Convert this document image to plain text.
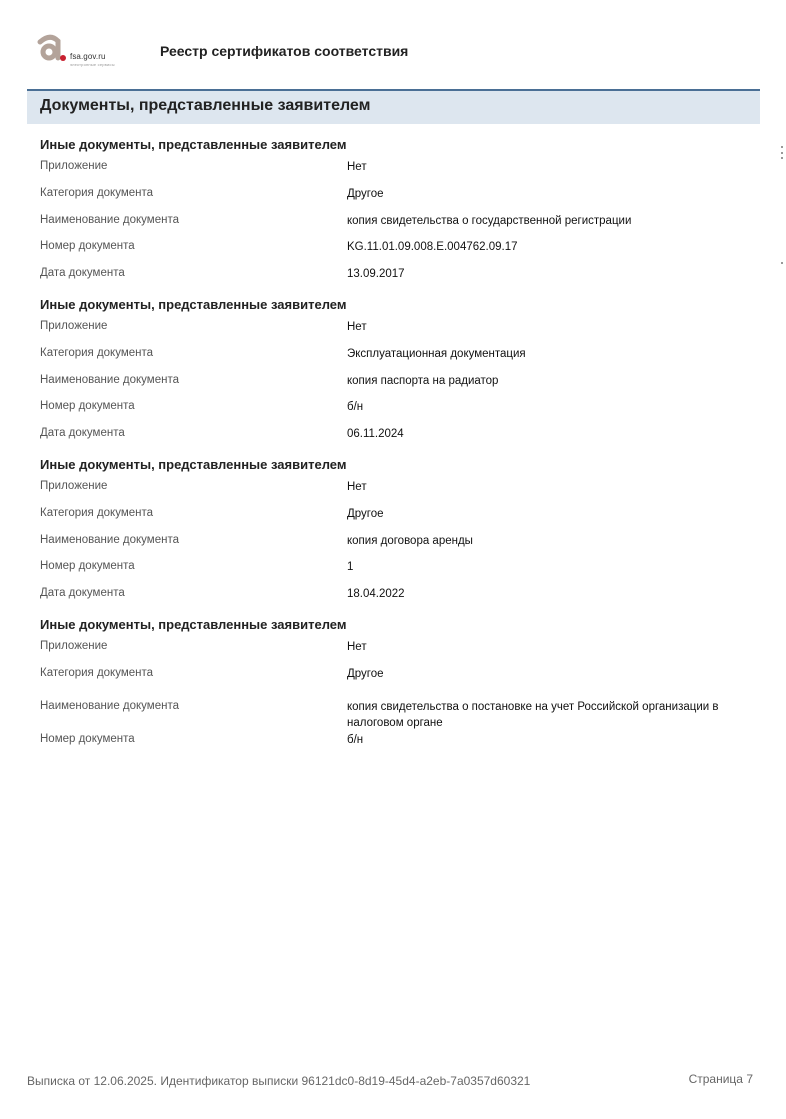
fsa.gov.ru
электронные сервисы
Реестр сертификатов соответствия
Документы, представленные заявителем
Иные документы, представленные заявителем
Приложение	Нет
Категория документа	Другое
Наименование документа	копия свидетельства о государственной регистрации
Номер документа	KG.11.01.09.008.E.004762.09.17
Дата документа	13.09.2017
Иные документы, представленные заявителем
Приложение	Нет
Категория документа	Эксплуатационная документация
Наименование документа	копия паспорта на радиатор
Номер документа	б/н
Дата документа	06.11.2024
Иные документы, представленные заявителем
Приложение	Нет
Категория документа	Другое
Наименование документа	копия договора аренды
Номер документа	1
Дата документа	18.04.2022
Иные документы, представленные заявителем
Приложение	Нет
Категория документа	Другое
Наименование документа	копия свидетельства о постановке на учет Российской организации в налоговом органе
Номер документа	б/н
Выписка от 12.06.2025. Идентификатор выписки 96121dc0-8d19-45d4-a2eb-7a0357d60321	Страница 7
